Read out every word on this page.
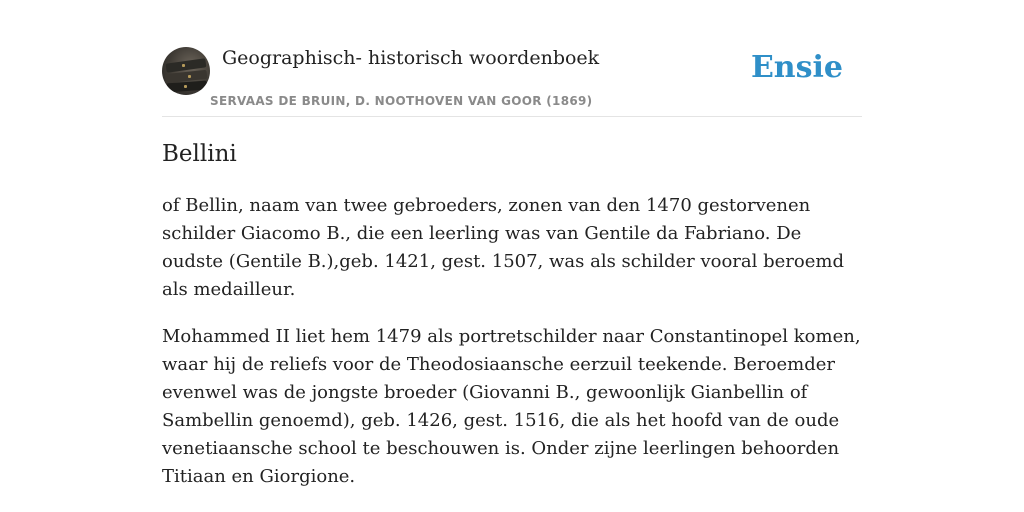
Geographisch- historisch woordenboek
SERVAAS DE BRUIN, D. NOOTHOVEN VAN GOOR (1869)
Ensie
Bellini

of Bellin, naam van twee gebroeders, zonen van den 1470 gestorvenen schilder Giacomo B., die een leerling was van Gentile da Fabriano. De oudste (Gentile B.),geb. 1421, gest. 1507, was als schilder vooral beroemd als medailleur.

Mohammed II liet hem 1479 als portretschilder naar Constantinopel komen, waar hij de reliefs voor de Theodosiaansche eerzuil teekende. Beroemder evenwel was de jongste broeder (Giovanni B., gewoonlijk Gianbellin of Sambellin genoemd), geb. 1426, gest. 1516, die als het hoofd van de oude venetiaansche school te beschouwen is. Onder zijne leerlingen behoorden Titiaan en Giorgione.
